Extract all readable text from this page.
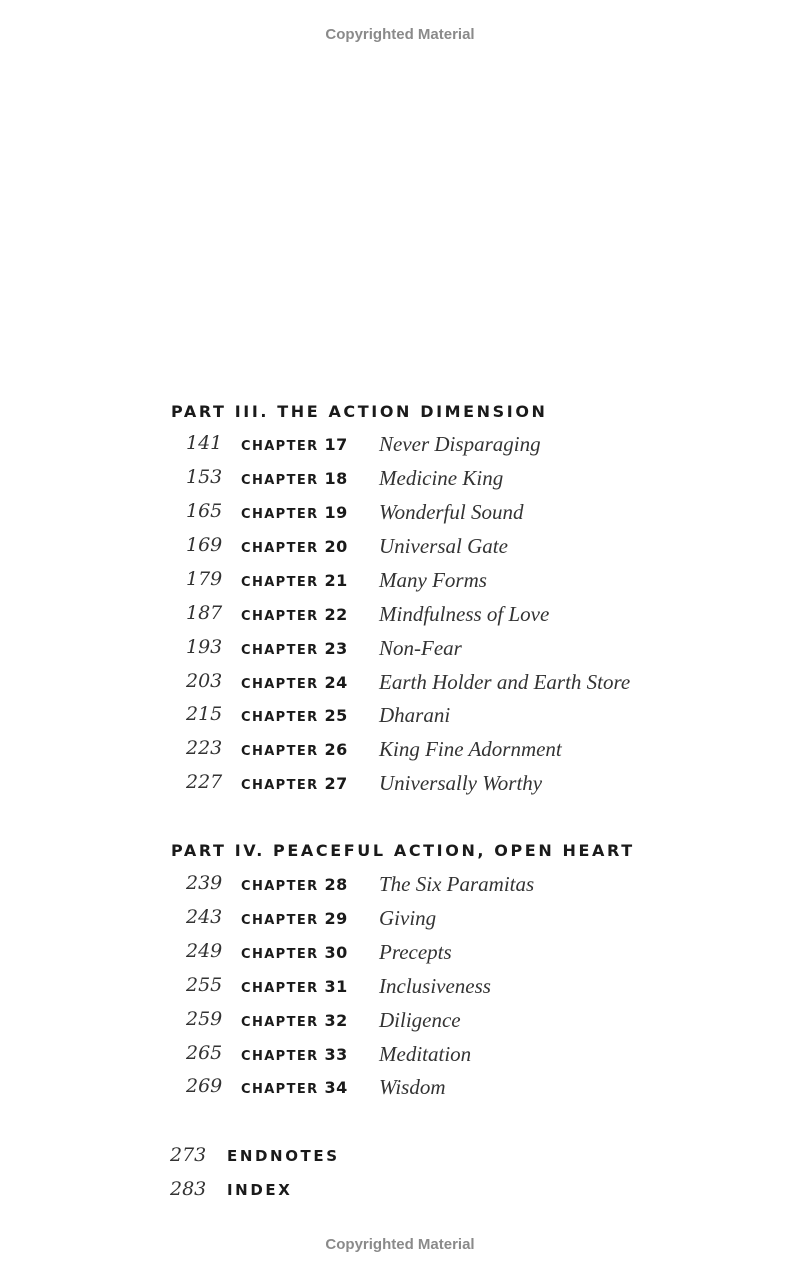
Copyrighted Material
PART III. THE ACTION DIMENSION
141 CHAPTER 17 Never Disparaging
153 CHAPTER 18 Medicine King
165 CHAPTER 19 Wonderful Sound
169 CHAPTER 20 Universal Gate
179 CHAPTER 21 Many Forms
187 CHAPTER 22 Mindfulness of Love
193 CHAPTER 23 Non-Fear
203 CHAPTER 24 Earth Holder and Earth Store
215 CHAPTER 25 Dharani
223 CHAPTER 26 King Fine Adornment
227 CHAPTER 27 Universally Worthy
PART IV. PEACEFUL ACTION, OPEN HEART
239 CHAPTER 28 The Six Paramitas
243 CHAPTER 29 Giving
249 CHAPTER 30 Precepts
255 CHAPTER 31 Inclusiveness
259 CHAPTER 32 Diligence
265 CHAPTER 33 Meditation
269 CHAPTER 34 Wisdom
273 ENDNOTES
283 INDEX
Copyrighted Material
